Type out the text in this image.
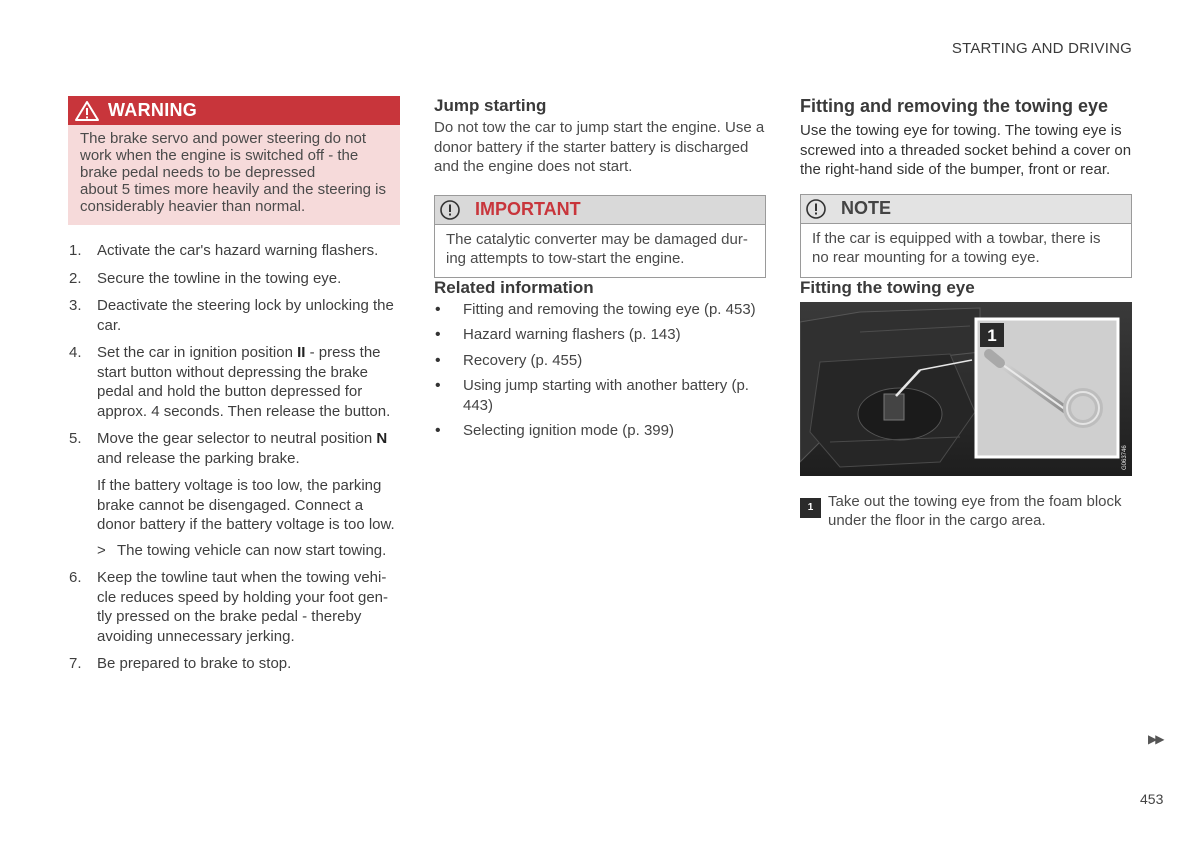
STARTING AND DRIVING
WARNING
The brake servo and power steering do not
work when the engine is switched off - the
brake pedal needs to be depressed
about 5 times more heavily and the steering is
considerably heavier than normal.
1. Activate the car's hazard warning flashers.
2. Secure the towline in the towing eye.
3. Deactivate the steering lock by unlocking the car.
4. Set the car in ignition position II - press the start button without depressing the brake pedal and hold the button depressed for approx. 4 seconds. Then release the button.
5. Move the gear selector to neutral position N and release the parking brake.
If the battery voltage is too low, the parking brake cannot be disengaged. Connect a donor battery if the battery voltage is too low.
> The towing vehicle can now start towing.
6. Keep the towline taut when the towing vehi-cle reduces speed by holding your foot gen-tly pressed on the brake pedal - thereby avoiding unnecessary jerking.
7. Be prepared to brake to stop.
Jump starting
Do not tow the car to jump start the engine. Use a donor battery if the starter battery is discharged and the engine does not start.
IMPORTANT
The catalytic converter may be damaged dur-ing attempts to tow-start the engine.
Related information
• Fitting and removing the towing eye (p. 453)
• Hazard warning flashers (p. 143)
• Recovery (p. 455)
• Using jump starting with another battery (p. 443)
• Selecting ignition mode (p. 399)
Fitting and removing the towing eye
Use the towing eye for towing. The towing eye is screwed into a threaded socket behind a cover on the right-hand side of the bumper, front or rear.
NOTE
If the car is equipped with a towbar, there is no rear mounting for a towing eye.
Fitting the towing eye
1
G063746
1 Take out the towing eye from the foam block under the floor in the cargo area.
▶▶
453
